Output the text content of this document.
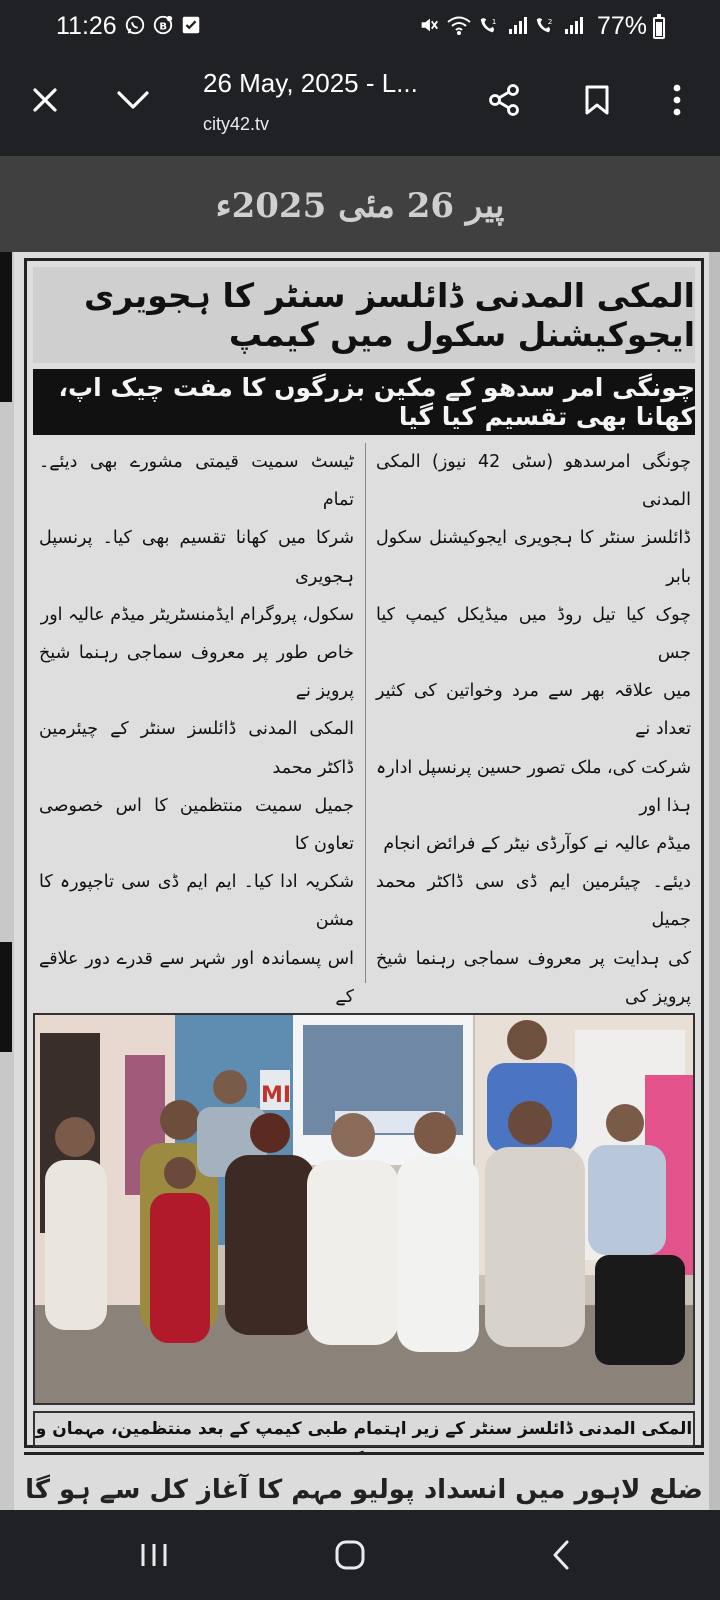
11:26	B	1	2 77%
26 May, 2025 - L...
city42.tv
پیر 26 مئی 2025ء
المکی المدنی ڈائلسز سنٹر کا ہجویری ایجوکیشنل سکول میں کیمپ
چونگی امر سدھو کے مکین بزرگوں کا مفت چیک اپ، کھانا بھی تقسیم کیا گیا
چونگی امرسدھو (سٹی 42 نیوز) المکی المدنی
ڈائلسز سنٹر کا ہجویری ایجوکیشنل سکول بابر
چوک کیا تیل روڈ میں میڈیکل کیمپ کیا جس
میں علاقہ بھر سے مرد وخواتین کی کثیر تعداد نے
شرکت کی، ملک تصور حسین پرنسپل ادارہ ہذا اور
میڈم عالیہ نے کوآرڈی نیٹر کے فرائض انجام
دیئے۔ چیئرمین ایم ڈی سی ڈاکٹر محمد جمیل
کی ہدایت پر معروف سماجی رہنما شیخ پرویز کی
ٹیسٹ سمیت قیمتی مشورے بھی دیئے۔ تمام
شرکا میں کھانا تقسیم بھی کیا۔ پرنسپل ہجویری
سکول، پروگرام ایڈمنسٹریٹر میڈم عالیہ اور
خاص طور پر معروف سماجی رہنما شیخ پرویز نے
المکی المدنی ڈائلسز سنٹر کے چیئرمین ڈاکٹر محمد
جمیل سمیت منتظمین کا اس خصوصی تعاون کا
شکریہ ادا کیا۔ ایم ایم ڈی سی تاجپورہ کا مشن
اس پسماندہ اور شہر سے قدرے دور علاقے کے
MI
المکی المدنی ڈائلسز سنٹر کے زیر اہتمام طبی کیمپ کے بعد منتظمین، مہمان و
ضلع لاہور میں انسداد پولیو مہم کا آغاز کل سے ہو گا
